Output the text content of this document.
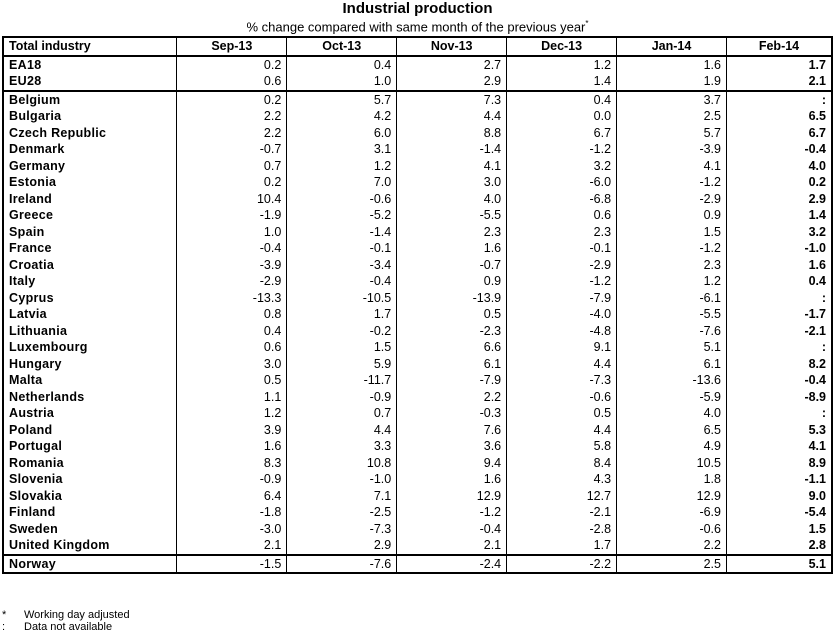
Industrial production
% change compared with same month of the previous year*
Total industry	Sep-13	Oct-13	Nov-13	Dec-13	Jan-14	Feb-14
EA18	0.2	0.4	2.7	1.2	1.6	1.7
EU28	0.6	1.0	2.9	1.4	1.9	2.1
Belgium	0.2	5.7	7.3	0.4	3.7	:
Bulgaria	2.2	4.2	4.4	0.0	2.5	6.5
Czech Republic	2.2	6.0	8.8	6.7	5.7	6.7
Denmark	-0.7	3.1	-1.4	-1.2	-3.9	-0.4
Germany	0.7	1.2	4.1	3.2	4.1	4.0
Estonia	0.2	7.0	3.0	-6.0	-1.2	0.2
Ireland	10.4	-0.6	4.0	-6.8	-2.9	2.9
Greece	-1.9	-5.2	-5.5	0.6	0.9	1.4
Spain	1.0	-1.4	2.3	2.3	1.5	3.2
France	-0.4	-0.1	1.6	-0.1	-1.2	-1.0
Croatia	-3.9	-3.4	-0.7	-2.9	2.3	1.6
Italy	-2.9	-0.4	0.9	-1.2	1.2	0.4
Cyprus	-13.3	-10.5	-13.9	-7.9	-6.1	:
Latvia	0.8	1.7	0.5	-4.0	-5.5	-1.7
Lithuania	0.4	-0.2	-2.3	-4.8	-7.6	-2.1
Luxembourg	0.6	1.5	6.6	9.1	5.1	:
Hungary	3.0	5.9	6.1	4.4	6.1	8.2
Malta	0.5	-11.7	-7.9	-7.3	-13.6	-0.4
Netherlands	1.1	-0.9	2.2	-0.6	-5.9	-8.9
Austria	1.2	0.7	-0.3	0.5	4.0	:
Poland	3.9	4.4	7.6	4.4	6.5	5.3
Portugal	1.6	3.3	3.6	5.8	4.9	4.1
Romania	8.3	10.8	9.4	8.4	10.5	8.9
Slovenia	-0.9	-1.0	1.6	4.3	1.8	-1.1
Slovakia	6.4	7.1	12.9	12.7	12.9	9.0
Finland	-1.8	-2.5	-1.2	-2.1	-6.9	-5.4
Sweden	-3.0	-7.3	-0.4	-2.8	-0.6	1.5
United Kingdom	2.1	2.9	2.1	1.7	2.2	2.8
Norway	-1.5	-7.6	-2.4	-2.2	2.5	5.1
*	Working day adjusted
:	Data not available
